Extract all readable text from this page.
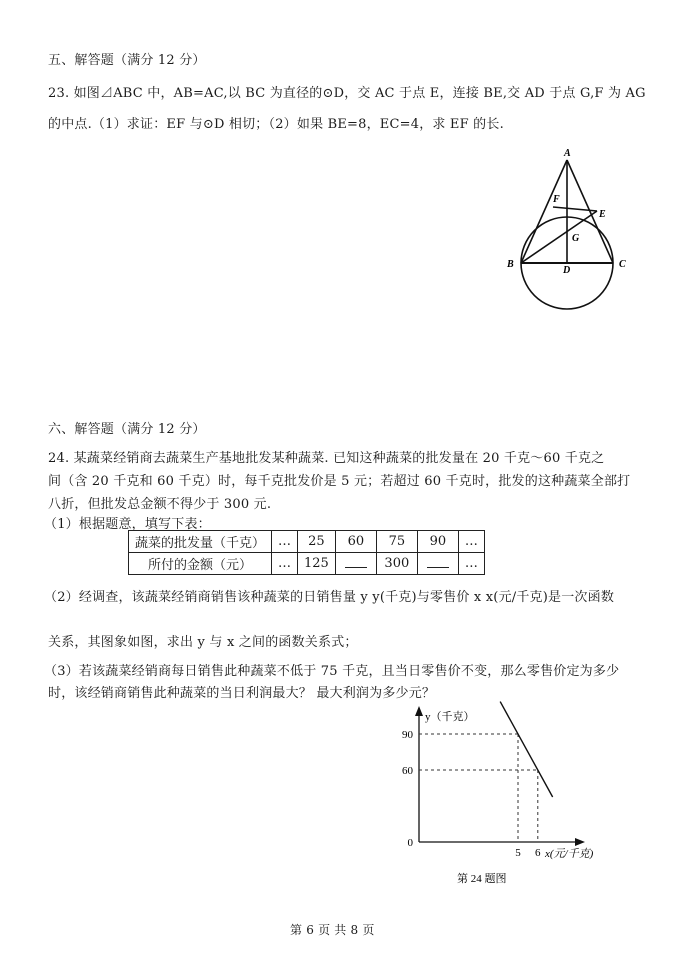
五、解答题（满分 12 分）
23. 如图⊿ABC 中，AB=AC,以 BC 为直径的⊙D，交 AC 于点 E，连接 BE,交 AD 于点 G,F 为 AG
的中点.（1）求证：EF 与⊙D 相切；（2）如果 BE=8，EC=4，求 EF 的长.
A
F
E
G
B	C
D
六、解答题（满分 12 分）
24. 某蔬菜经销商去蔬菜生产基地批发某种蔬菜. 已知这种蔬菜的批发量在 20 千克～60 千克之
间（含 20 千克和 60 千克）时，每千克批发价是 5 元；若超过 60 千克时，批发的这种蔬菜全部打
八折，但批发总金额不得少于 300 元.
（1）根据题意，填写下表：
蔬菜的批发量（千克）	…	25	60	75	90	…
所付的金额（元）	…	125		300		…
（2）经调查，该蔬菜经销商销售该种蔬菜的日销售量 y y(千克)与零售价 x x(元/千克)是一次函数
关系，其图象如图，求出 y 与 x 之间的函数关系式；
（3）若该蔬菜经销商每日销售此种蔬菜不低于 75 千克，且当日零售价不变，那么零售价定为多少
时，该经销商销售此种蔬菜的当日利润最大？ 最大利润为多少元？
y（千克）
x(元/千克)
90
60
0
5 6
第 24 题图
第 6 页 共 8 页
